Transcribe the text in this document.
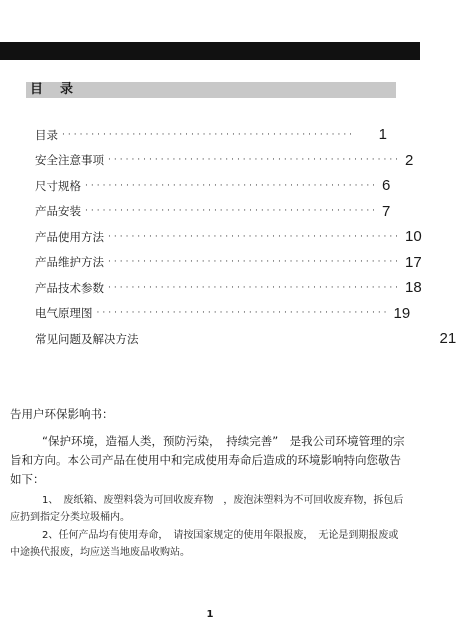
目　录
目录 ··················································	1
安全注意事项 ·················································· 2
尺寸规格 ·················································· 6
产品安装 ·················································· 7
产品使用方法 ·················································· 10
产品维护方法 ·················································· 17
产品技术参数 ·················································· 18
电气原理图 ·················································· 19
常见问题及解决方法	21
告用户环保影响书：
“保护环境，造福人类，预防污染，　持续完善”　是我公司环境管理的宗旨和方向。本公司产品在使用中和完成使用寿命后造成的环境影响特向您敬告如下：
1、　废纸箱、废塑料袋为可回收废弃物　，废泡沫塑料为不可回收废弃物，拆包后应扔到指定分类垃圾桶内。
2、任何产品均有使用寿命，　请按国家规定的使用年限报废，　无论是到期报废或中途换代报废，均应送当地废品收购站。
1
